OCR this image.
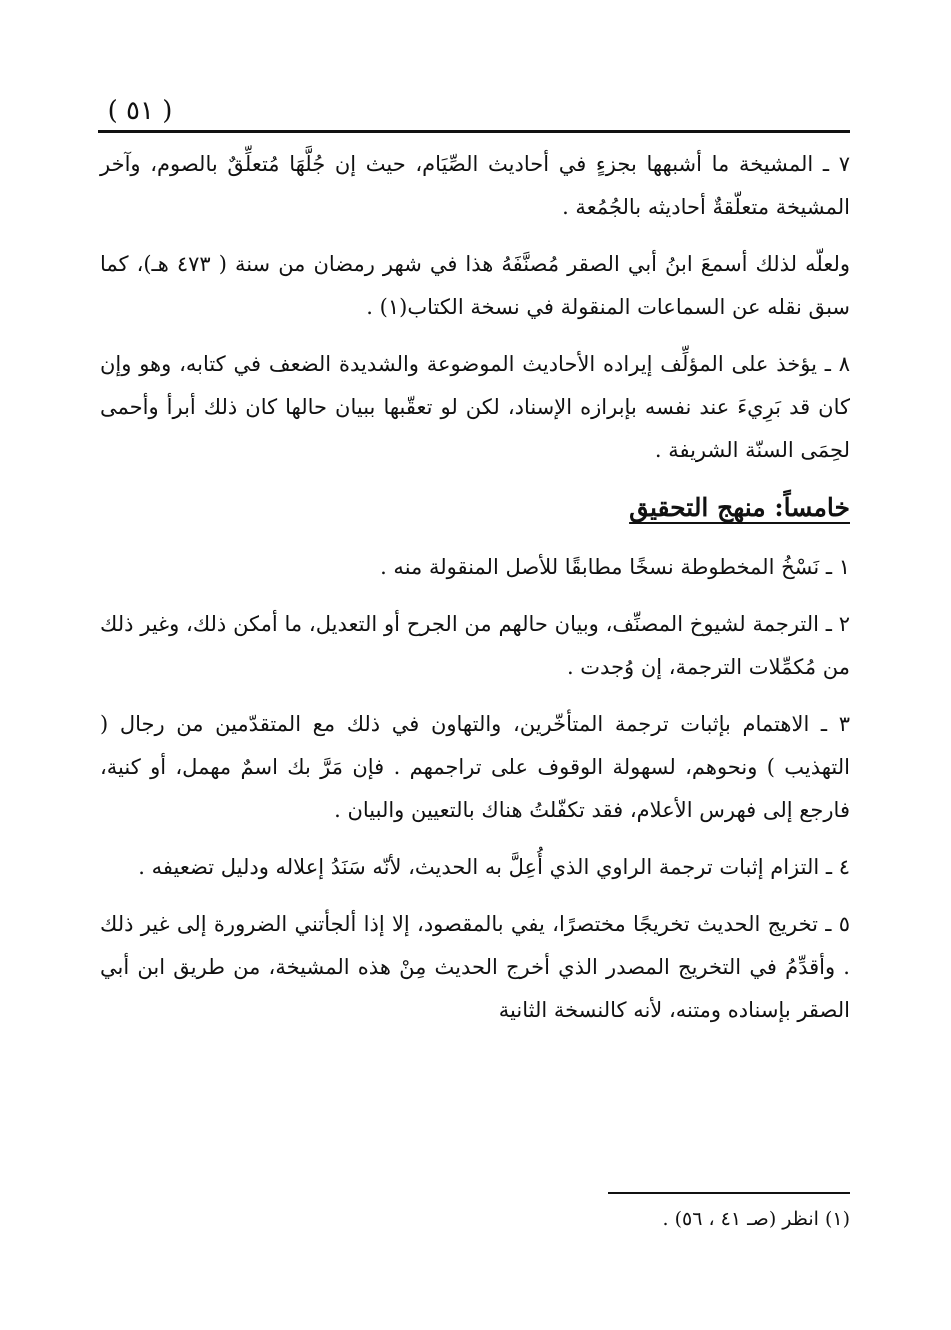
( ٥١ )

٧ ـ المشيخة ما أشبهها بجزءٍ في أحاديث الصِّيَام، حيث إن جُلَّهَا مُتعلِّقٌ بالصوم، وآخر المشيخة متعلّقةٌ أحاديثه بالجُمُعة .

ولعلّه لذلك أسمعَ ابنُ أبي الصقر مُصنَّفَهُ هذا في شهر رمضان من سنة ( ٤٧٣ هـ)، كما سبق نقله عن السماعات المنقولة في نسخة الكتاب(١) .

٨ ـ يؤخذ على المؤلِّف إيراده الأحاديث الموضوعة والشديدة الضعف في كتابه، وهو وإن كان قد بَرِيءَ عند نفسه بإبرازه الإسناد، لكن لو تعقّبها ببيان حالها كان ذلك أبرأ وأحمى لحِمَى السنّة الشريفة .

خامساً: منهج التحقيق

١ ـ نَسْخُ المخطوطة نسخًا مطابقًا للأصل المنقولة منه .

٢ ـ الترجمة لشيوخ المصنِّف، وبيان حالهم من الجرح أو التعديل، ما أمكن ذلك، وغير ذلك من مُكمِّلات الترجمة، إن وُجدت .

٣ ـ الاهتمام بإثبات ترجمة المتأخّرين، والتهاون في ذلك مع المتقدّمين من رجال ( التهذيب ) ونحوهم، لسهولة الوقوف على تراجمهم . فإن مَرَّ بك اسمٌ مهمل، أو كنية، فارجع إلى فهرس الأعلام، فقد تكفّلتُ هناك بالتعيين والبيان .

٤ ـ التزام إثبات ترجمة الراوي الذي أُعِلَّ به الحديث، لأنّه سَنَدُ إعلاله ودليل تضعيفه .

٥ ـ تخريج الحديث تخريجًا مختصرًا، يفي بالمقصود، إلا إذا ألجأتني الضرورة إلى غير ذلك . وأقدِّمُ في التخريج المصدر الذي أخرج الحديث مِنْ هذه المشيخة، من طريق ابن أبي الصقر بإسناده ومتنه، لأنه كالنسخة الثانية

(١) انظر (صـ ٤١ ، ٥٦) .
